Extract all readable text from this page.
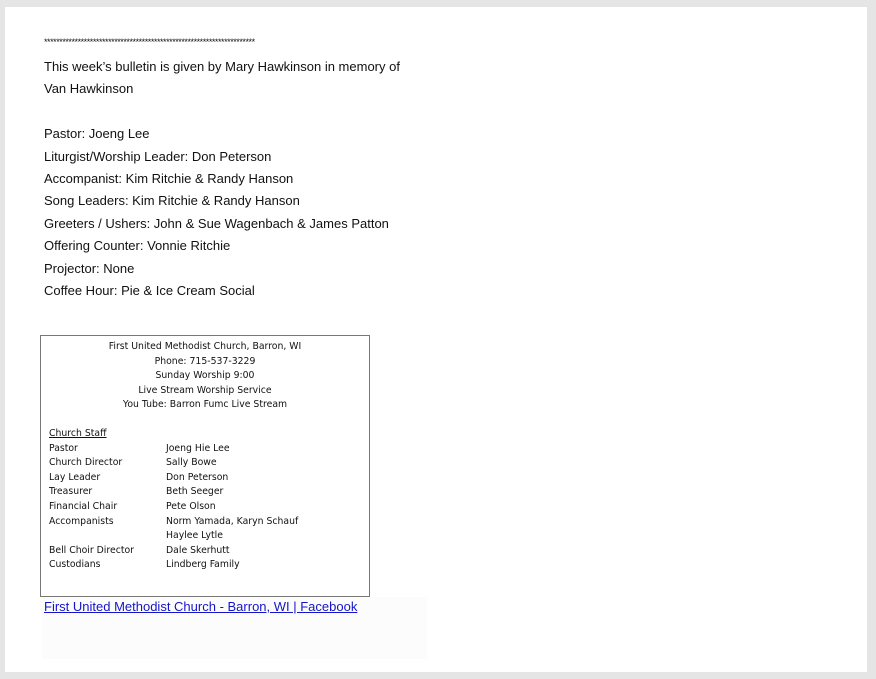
*********************************************************************
This week’s bulletin is given by Mary Hawkinson in memory of
Van Hawkinson
Pastor: Joeng Lee
Liturgist/Worship Leader: Don Peterson
Accompanist: Kim Ritchie & Randy Hanson
Song Leaders: Kim Ritchie & Randy Hanson
Greeters / Ushers: John & Sue Wagenbach & James Patton
Offering Counter: Vonnie Ritchie
Projector: None
Coffee Hour: Pie & Ice Cream Social
First United Methodist Church, Barron, WI
Phone: 715-537-3229
Sunday Worship 9:00
Live Stream Worship Service
You Tube: Barron Fumc Live Stream
Church Staff
Pastor	Joeng Hie Lee
Church Director	Sally Bowe
Lay Leader	Don Peterson
Treasurer	Beth Seeger
Financial Chair	Pete Olson
Accompanists	Norm Yamada, Karyn Schauf
Haylee Lytle
Bell Choir Director	Dale Skerhutt
Custodians	Lindberg Family
First United Methodist Church - Barron, WI | Facebook
